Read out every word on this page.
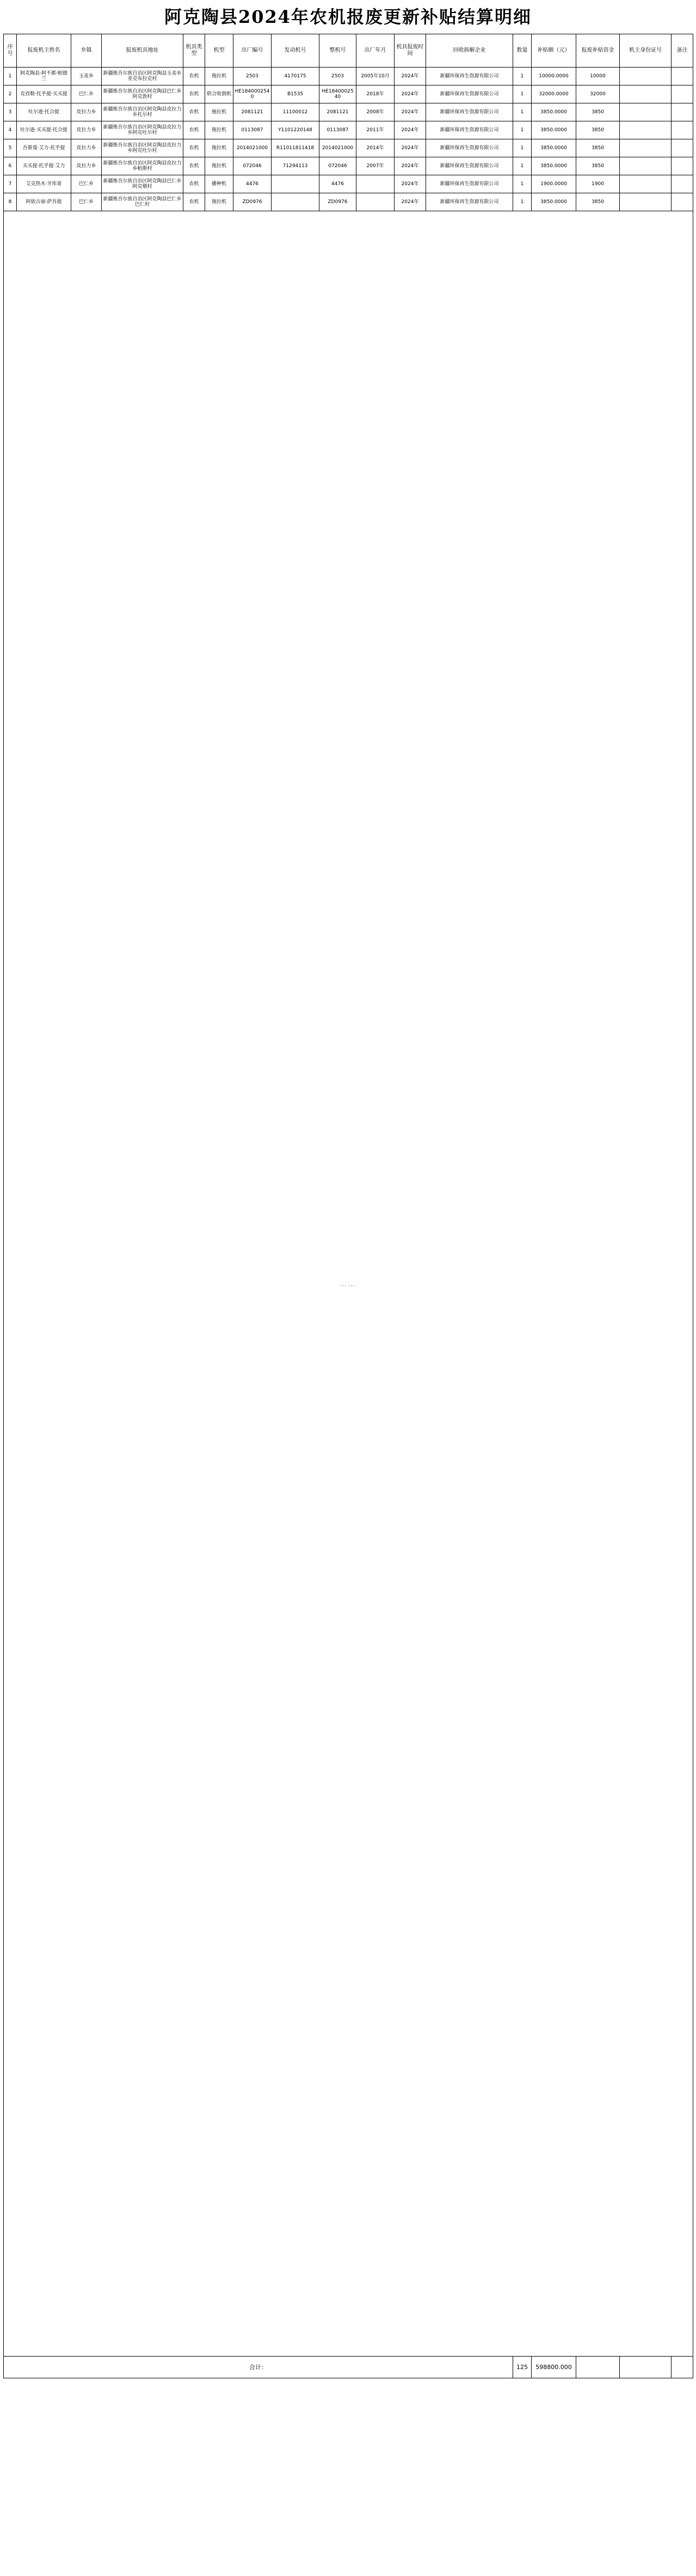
阿克陶县2024年农机报废更新补贴结算明细
序号	报废机主姓名	乡镇	报废机具地址	机具类型	机型	出厂编号	发动机号	整机号	出厂年月	机具报废时间	回收拆解企业	数量	补贴额（元）	报废补贴资金	机主身份证号	备注
1	阿克陶县·阿不都·帕德兰	玉麦乡	新疆维吾尔族自治区阿克陶县玉麦乡亚克布拉克村	农机	拖拉机	2503	4170175	2503	2005年10月	2024年	新疆环保再生资源有限公司	1	10000.0000	10000		
2	克孜勒·托乎提·买买提	巴仁乡	新疆维吾尔族自治区阿克陶县巴仁乡阿克敦村	农机	联合收割机	HE1840002540	B1535	HE1840002540	2018年	2024年	新疆环保再生资源有限公司	1	32000.0000	32000		
3	吐尔逊·托合提	皮拉力乡	新疆维吾尔族自治区阿克陶县皮拉力乡托尔村	农机	拖拉机	2081121	11100012	2081121	2008年	2024年	新疆环保再生资源有限公司	1	3850.0000	3850		
4	吐尔逊·买买提·托合提	皮拉力乡	新疆维吾尔族自治区阿克陶县皮拉力乡阿克吐尔村	农机	拖拉机	0113087	Y1101220148	0113087	2011年	2024年	新疆环保再生资源有限公司	1	3850.0000	3850		
5	吾斯曼·艾力·托乎提	皮拉力乡	新疆维吾尔族自治区阿克陶县皮拉力乡阿克吐尔村	农机	拖拉机	2014021000	R11011811418	2014021000	2014年	2024年	新疆环保再生资源有限公司	1	3850.0000	3850		
6	买买提·托乎提·艾力	皮拉力乡	新疆维吾尔族自治区阿克陶县皮拉力乡帕斯村	农机	拖拉机	072046	71294113	072046	2007年	2024年	新疆环保再生资源有限公司	1	3850.0000	3850		
7	艾克热木·牙库甫	巴仁乡	新疆维吾尔族自治区阿克陶县巴仁乡阿克墩村	农机	播种机	4476		4476		2024年	新疆环保再生资源有限公司	1	1900.0000	1900		
8	阿依古丽·萨吾提	巴仁乡	新疆维吾尔族自治区阿克陶县巴仁乡巴仁村	农机	拖拉机	ZD0976		ZD0976		2024年	新疆环保再生资源有限公司	1	3850.0000	3850		
……																
合计：												125	598800.000			
